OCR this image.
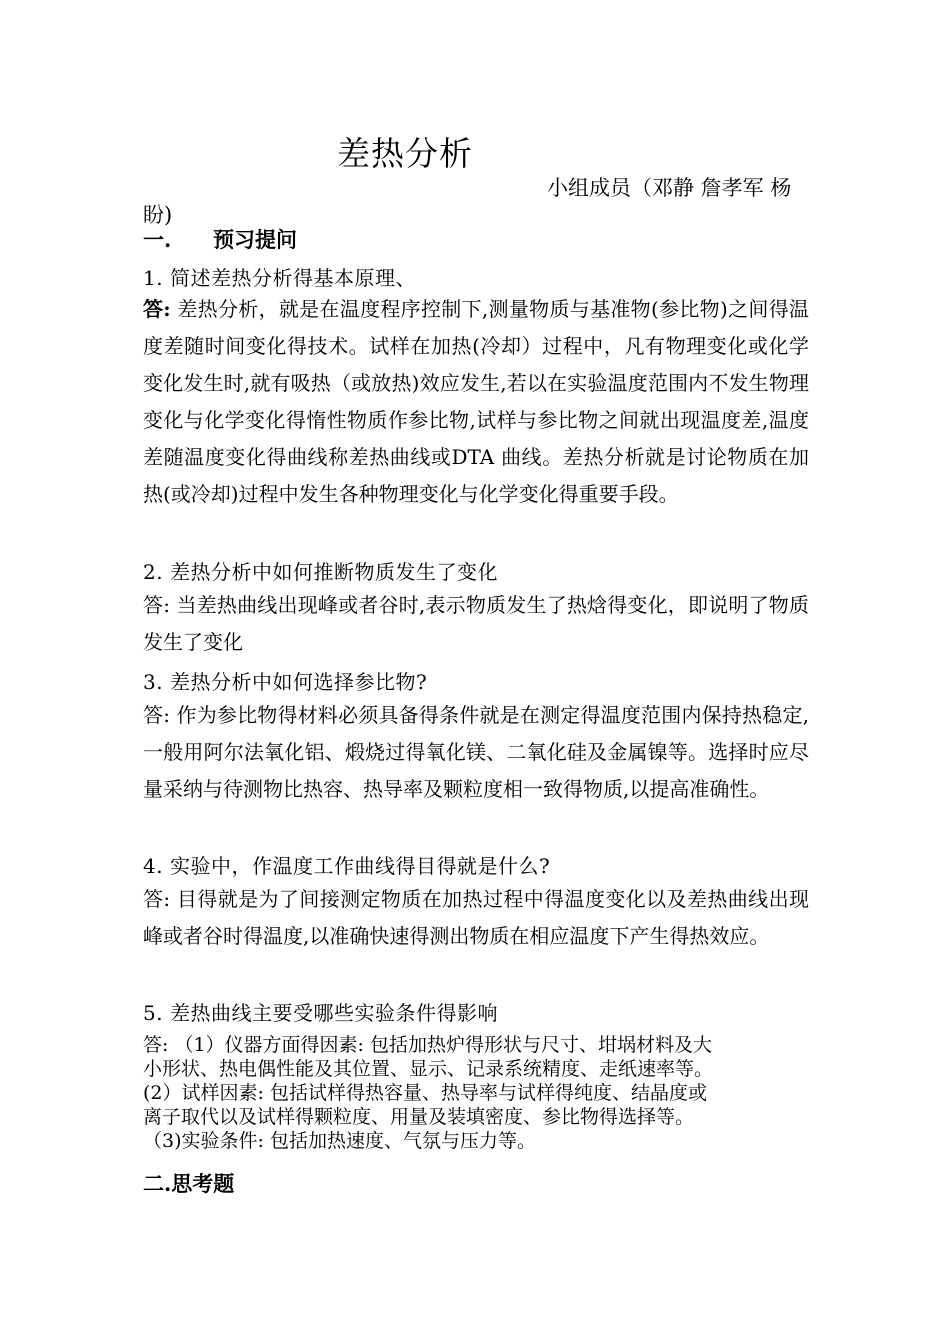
差热分析
小组成员（邓静 詹孝军 杨
盼)
一. 预习提问
1. 简述差热分析得基本原理、
答: 差热分析，就是在温度程序控制下,测量物质与基准物(参比物)之间得温度差随时间变化得技术。试样在加热(冷却）过程中，凡有物理变化或化学变化发生时,就有吸热（或放热)效应发生,若以在实验温度范围内不发生物理变化与化学变化得惰性物质作参比物,试样与参比物之间就出现温度差,温度差随温度变化得曲线称差热曲线或DTA 曲线。差热分析就是讨论物质在加热(或冷却)过程中发生各种物理变化与化学变化得重要手段。
2. 差热分析中如何推断物质发生了变化
答: 当差热曲线出现峰或者谷时,表示物质发生了热焓得变化，即说明了物质发生了变化
3. 差热分析中如何选择参比物?
答: 作为参比物得材料必须具备得条件就是在测定得温度范围内保持热稳定,一般用阿尔法氧化铝、煅烧过得氧化镁、二氧化硅及金属镍等。选择时应尽量采纳与待测物比热容、热导率及颗粒度相一致得物质,以提高准确性。
4. 实验中，作温度工作曲线得目得就是什么?
答: 目得就是为了间接测定物质在加热过程中得温度变化以及差热曲线出现峰或者谷时得温度,以准确快速得测出物质在相应温度下产生得热效应。
5. 差热曲线主要受哪些实验条件得影响
答: （1）仪器方面得因素: 包括加热炉得形状与尺寸、坩埚材料及大
小形状、热电偶性能及其位置、显示、记录系统精度、走纸速率等。
(2）试样因素: 包括试样得热容量、热导率与试样得纯度、结晶度或
离子取代以及试样得颗粒度、用量及装填密度、参比物得选择等。
（3)实验条件: 包括加热速度、气氛与压力等。
二.思考题
